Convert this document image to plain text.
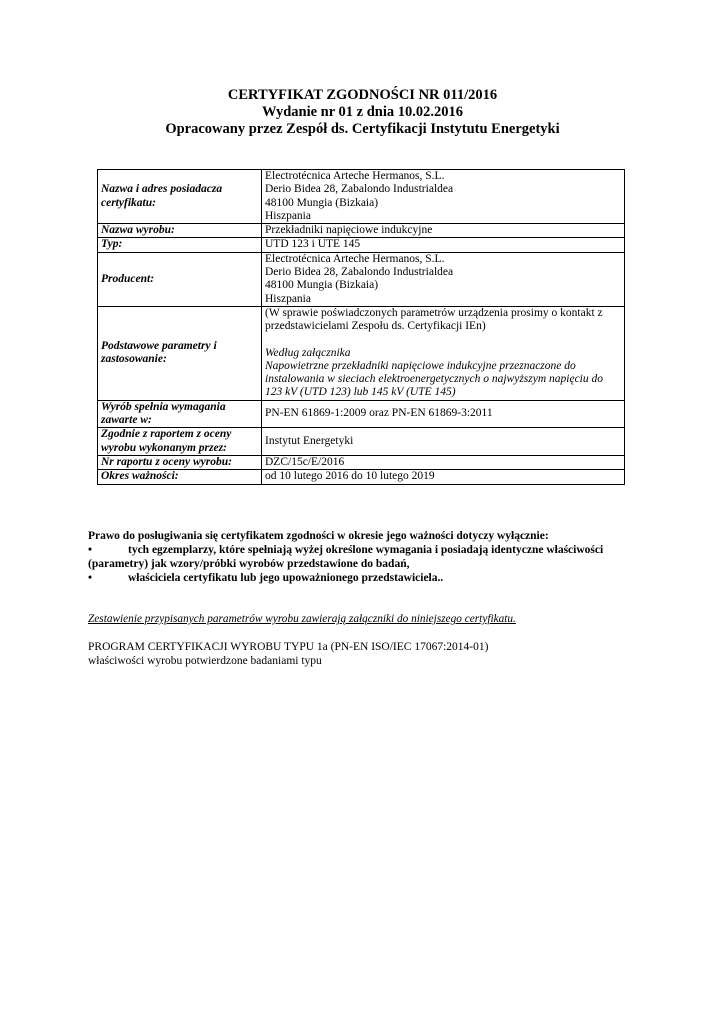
CERTYFIKAT ZGODNOŚCI NR 011/2016
Wydanie nr 01 z dnia 10.02.2016
Opracowany przez Zespół ds. Certyfikacji Instytutu Energetyki
Nazwa i adres posiadacza certyfikatu:	Electrotécnica Arteche Hermanos, S.L.
Derio Bidea 28, Zabalondo Industrialdea
48100 Mungia (Bizkaia)
Hiszpania

Nazwa wyrobu:	Przekładniki napięciowe indukcyjne
Typ:	UTD 123 i UTE 145
Producent:	Electrotécnica Arteche Hermanos, S.L.
Derio Bidea 28, Zabalondo Industrialdea
48100 Mungia (Bizkaia)
Hiszpania

Podstawowe parametry i zastosowanie:	(W sprawie poświadczonych parametrów urządzenia prosimy o kontakt z przedstawicielami Zespołu ds. Certyfikacji IEn)
Według załącznika
Napowietrzne przekładniki napięciowe indukcyjne przeznaczone do instalowania w sieciach elektroenergetycznych o najwyższym napięciu do 123 kV (UTD 123) lub 145 kV (UTE 145)

Wyrób spełnia wymagania zawarte w:	PN-EN 61869-1:2009 oraz PN-EN 61869-3:2011
Zgodnie z raportem z oceny wyrobu wykonanym przez:	Instytut Energetyki
Nr raportu z oceny wyrobu:	DZC/15c/E/2016
Okres ważności:	od 10 lutego 2016 do 10 lutego 2019
Prawo do posługiwania się certyfikatem zgodności w okresie jego ważności dotyczy wyłącznie:
•	tych egzemplarzy, które spełniają wyżej określone wymagania i posiadają identyczne właściwości (parametry) jak wzory/próbki wyrobów przedstawione do badań,
•	właściciela certyfikatu lub jego upoważnionego przedstawiciela..
Zestawienie przypisanych parametrów wyrobu zawierają załączniki do niniejszego certyfikatu.
PROGRAM CERTYFIKACJI WYROBU TYPU 1a (PN-EN ISO/IEC 17067:2014-01)
właściwości wyrobu potwierdzone badaniami typu
